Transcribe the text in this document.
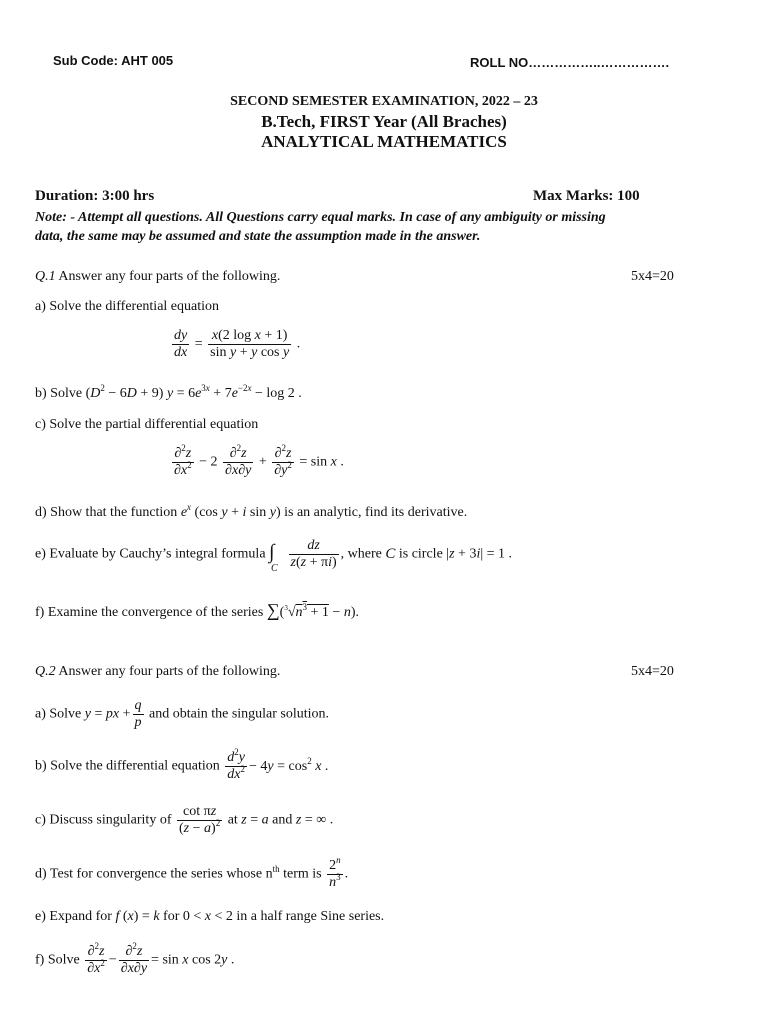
Sub Code: AHT 005	ROLL NO……………..…………….
SECOND SEMESTER EXAMINATION, 2022 – 23
B.Tech, FIRST Year (All Braches)
ANALYTICAL MATHEMATICS
Duration: 3:00 hrs	Max Marks: 100
Note: - Attempt all questions. All Questions carry equal marks. In case of any ambiguity or missing
data, the same may be assumed and state the assumption made in the answer.
Q.1 Answer any four parts of the following.	5x4=20
a) Solve the differential equation
$\frac{dy}{dx} = \frac{\text{x(2 log x + 1)}}{\text{sin y + y cos y}}$ .
b) Solve $(D^2 - 6D + 9) y = 6e^{3x} + 7e^{-2x} - \log 2$ .
c) Solve the partial differential equation
$\frac{\partial^2z}{\partial x^2} - 2 \frac{\partial^2z}{\partial x\partial y} + \frac{\partial^2z}{\partial y^2} = \sin x$ .
d) Show that the function $e^x$ (cos y + i sin y) is an analytic, find its derivative.
e) Evaluate by Cauchy’s integral formula ∫
C
$\frac{dz}{z(z + \pi i)}$ , where C is circle |z + 3i| = 1 .
f) Examine the convergence of the series $\sum(^3√n^3 + 1 - n)$.
Q.2 Answer any four parts of the following.	5x4=20
a) Solve y = px + $\frac{q}{p}$ and obtain the singular solution.
b) Solve the differential equation $\frac{d^2y}{dx^2} - 4y = \cos^2 x$ .
c) Discuss singularity of $\frac{\text{cot πz}}{(z - a)^2}$ at z = a and z = ∞ .
d) Test for convergence the series whose $n^{th}$ term is $\frac{2^n}{n^3}$ .
e) Expand for f (x) = k for 0 < x < 2 in a half range Sine series.
f) Solve $\frac{\partial^2z}{\partial x^2} - \frac{\partial^2z}{\partial x\partial y} = \sin x$ cos 2y .
